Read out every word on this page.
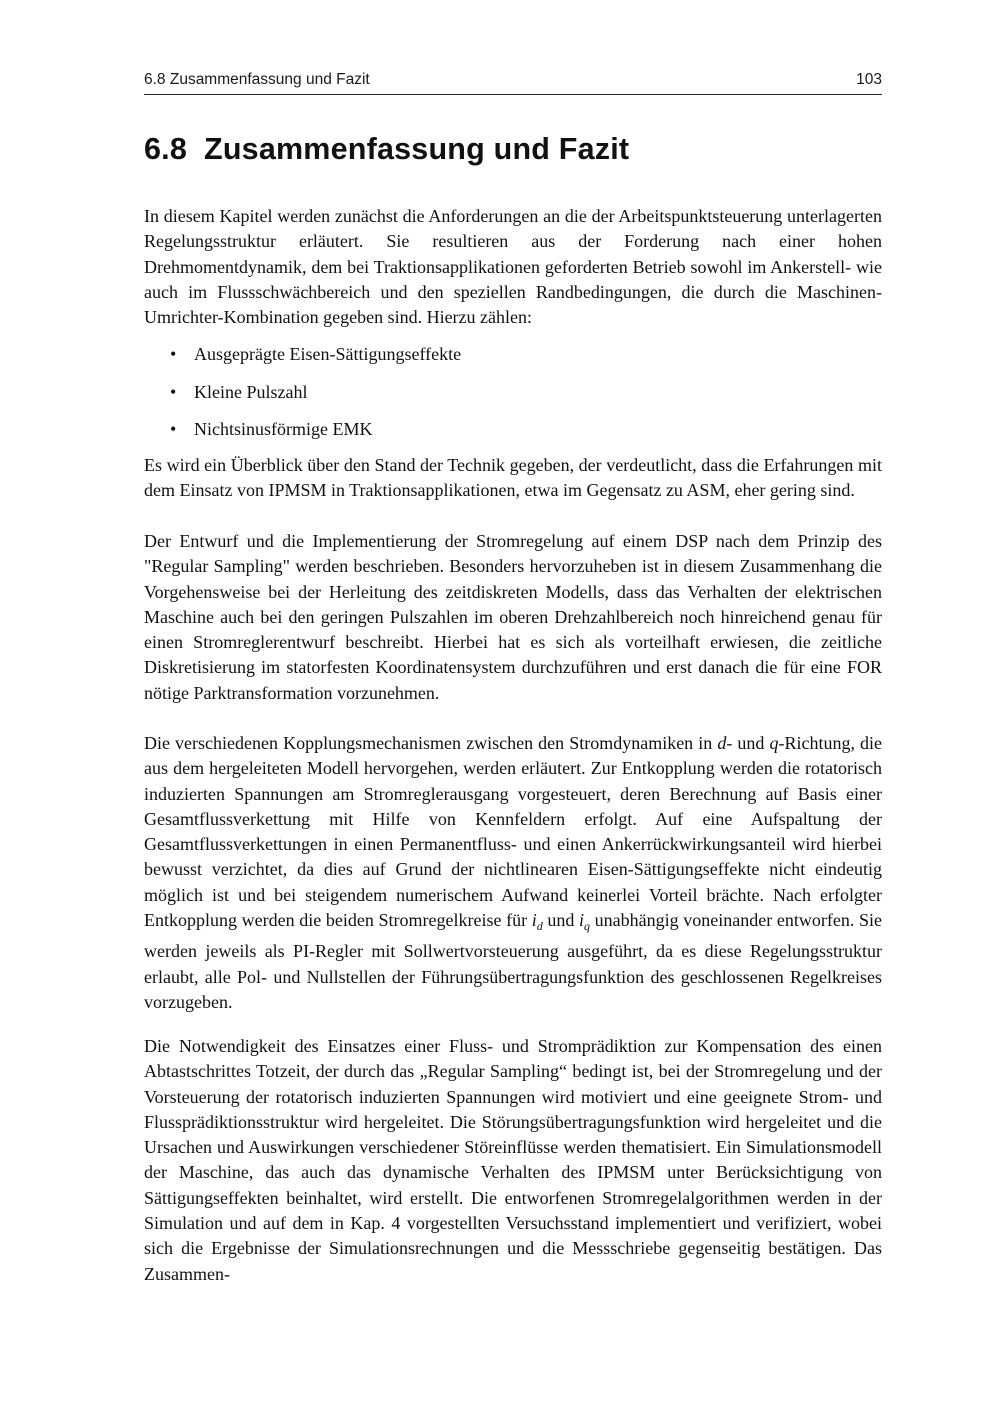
6.8 Zusammenfassung und Fazit	103
6.8 Zusammenfassung und Fazit

In diesem Kapitel werden zunächst die Anforderungen an die der Arbeitspunktsteuerung unterlagerten Regelungsstruktur erläutert. Sie resultieren aus der Forderung nach einer hohen Drehmomentdynamik, dem bei Traktionsapplikationen geforderten Betrieb sowohl im Ankerstell- wie auch im Flussschwächbereich und den speziellen Randbedingungen, die durch die Maschinen-Umrichter-Kombination gegeben sind. Hierzu zählen:

• Ausgeprägte Eisen-Sättigungseffekte
• Kleine Pulszahl
• Nichtsinusförmige EMK

Es wird ein Überblick über den Stand der Technik gegeben, der verdeutlicht, dass die Erfahrungen mit dem Einsatz von IPMSM in Traktionsapplikationen, etwa im Gegensatz zu ASM, eher gering sind.

Der Entwurf und die Implementierung der Stromregelung auf einem DSP nach dem Prinzip des "Regular Sampling" werden beschrieben. Besonders hervorzuheben ist in diesem Zusammenhang die Vorgehensweise bei der Herleitung des zeitdiskreten Modells, dass das Verhalten der elektrischen Maschine auch bei den geringen Pulszahlen im oberen Drehzahlbereich noch hinreichend genau für einen Stromreglerentwurf beschreibt. Hierbei hat es sich als vorteilhaft erwiesen, die zeitliche Diskretisierung im statorfesten Koordinatensystem durchzuführen und erst danach die für eine FOR nötige Parktransformation vorzunehmen.

Die verschiedenen Kopplungsmechanismen zwischen den Stromdynamiken in d- und q-Richtung, die aus dem hergeleiteten Modell hervorgehen, werden erläutert. Zur Entkopplung werden die rotatorisch induzierten Spannungen am Stromreglerausgang vorgesteuert, deren Berechnung auf Basis einer Gesamtflussverkettung mit Hilfe von Kennfeldern erfolgt. Auf eine Aufspaltung der Gesamtflussverkettungen in einen Permanentfluss- und einen Ankerrückwirkungsanteil wird hierbei bewusst verzichtet, da dies auf Grund der nichtlinearen Eisen-Sättigungseffekte nicht eindeutig möglich ist und bei steigendem numerischem Aufwand keinerlei Vorteil brächte. Nach erfolgter Entkopplung werden die beiden Stromregelkreise für $i_d$ und $i_q$ unabhängig voneinander entworfen. Sie werden jeweils als PI-Regler mit Sollwertvorsteuerung ausgeführt, da es diese Regelungsstruktur erlaubt, alle Pol- und Nullstellen der Führungsübertragungsfunktion des geschlossenen Regelkreises vorzugeben.

Die Notwendigkeit des Einsatzes einer Fluss- und Stromprädiktion zur Kompensation des einen Abtastschrittes Totzeit, der durch das „Regular Sampling“ bedingt ist, bei der Stromregelung und der Vorsteuerung der rotatorisch induzierten Spannungen wird motiviert und eine geeignete Strom- und Flussprädiktionsstruktur wird hergeleitet. Die Störungsübertragungsfunktion wird hergeleitet und die Ursachen und Auswirkungen verschiedener Störeinflüsse werden thematisiert. Ein Simulationsmodell der Maschine, das auch das dynamische Verhalten des IPMSM unter Berücksichtigung von Sättigungseffekten beinhaltet, wird erstellt. Die entworfenen Stromregelalgorithmen werden in der Simulation und auf dem in Kap. 4 vorgestellten Versuchsstand implementiert und verifiziert, wobei sich die Ergebnisse der Simulationsrechnungen und die Messschriebe gegenseitig bestätigen. Das Zusammen-
